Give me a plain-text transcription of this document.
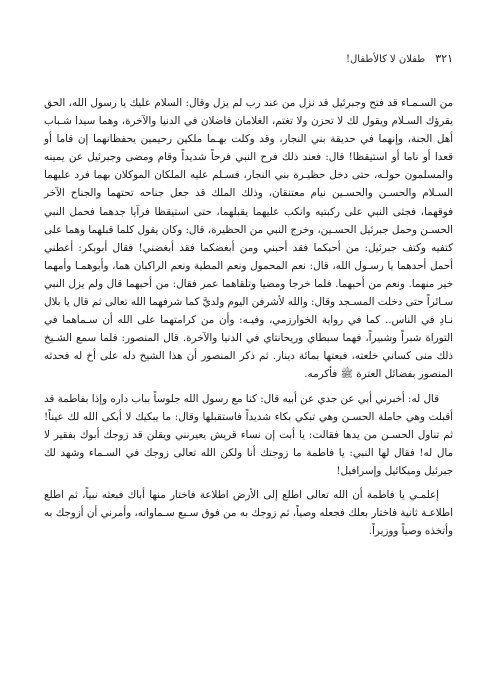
٣٢١
طفلان لا كالأطفال!

من السـمـاء قد فتح وجبرئيل قد نزل من عند رب لم يزل وقال: السلام عليك يا رسول الله، الحق يقرؤك السـلام ويقول لك لا تحزن ولا تغتم، الغلامان فاضلان في الدنيا والآخرة، وهما سيدا شـباب أهل الجنة، وإنهما في حديقة بني النجار، وقد وكلت بهـما ملكين رحيمين يحفظانهما إن قاما أو قعدا أو ناما أو استيقظا! قال: فعند ذلك فرح النبي فرحاً شديداً وقام ومضى وجبرئيل عن يمينه والمسلمون حولـه، حتى دخل حظيـرة بني النجار، فسـلم عليه الملكان الموكلان بهما فرد عليهما السـلام والحسـن والحسـين نيام معتنقان، وذلك الملك قد جعل جناحه تحتهما والجناح الآخر فوقهما، فجثى النبي على ركبتيه وانكب عليهما يقبلهما، حتى استيقظا فرآيا جدهما فحمل النبي الحسـن وحمل جبرئيل الحسـين، وخرج النبي من الحظيرة، قال: وكان يقول كلما قبلهما وهما على كتفيه وكتف جبرئيل: من أحبكما فقد أحبني ومن أبغضكما فقد أبغضني! فقال أبوبكر: أعطني أحمل أحدهما يا رسـول الله، قال: نعم المحمول ونعم المطية ونعم الراكبان هما، وأبوهمـا وأمهما خير منهما. ونعم من أحبهما. فلما خرجا ومضيا وتلقاهما عمر فقال: من أحبهما قال ولم يزل النبي سـائراً حتى دخلت المسـجد وقال: والله لأشرفن اليوم ولديَّ كما شرفهما الله تعالى ثم قال يا بلال نـادِ في الناس.. كما في رواية الخوارزمي، وفيـه: وأن من كرامتهما على الله أن سـماهما في التوراة شبراً وشبيراً، فهما سبطاي وريحانتاي في الدنيا والآخرة. قال المنصور: فلما سمع الشـيخ ذلك منى كساني خلعته، فبعتها بمائة دينار. ثم ذكر المنصور أن هذا الشيخ دله على أخ له فحدثه المنصور بفضائل العترة ﷺ فأكرمه.

قال له: أخبرني أبي عن جدي عن أبيه قال: كنا مع رسول الله جلوساً بباب داره وإذا بفاطمة قد أقبلت وهي حاملة الحسـن وهي تبكي بكاء شديداً فاستقبلها وقال: ما يبكيك لا أبكى الله لك عيناً! ثم تناول الحسـن من يدها فقالت: يا أبت إن نساء قريش يعيرنني ويقلن قد زوجك أبوك بفقير لا مال له! فقال لها النبي: يا فاطمة ما زوجتك أنا ولكن الله تعالى زوجك في السـماء وشهد لك جبرئيل وميكائيل وإسرافيل!

إعلمـي يا فاطمة أن الله تعالى اطلع إلى الأرض اطلاعة فاختار منها أباك فبعثه نبياً، ثم اطلع اطلاعـة ثانية فاختار بعلك فجعله وصياً، ثم زوجك به من فوق سـبع سـماواته، وأمرني أن أزوجك به وأتخذه وصياً ووزيراً.
